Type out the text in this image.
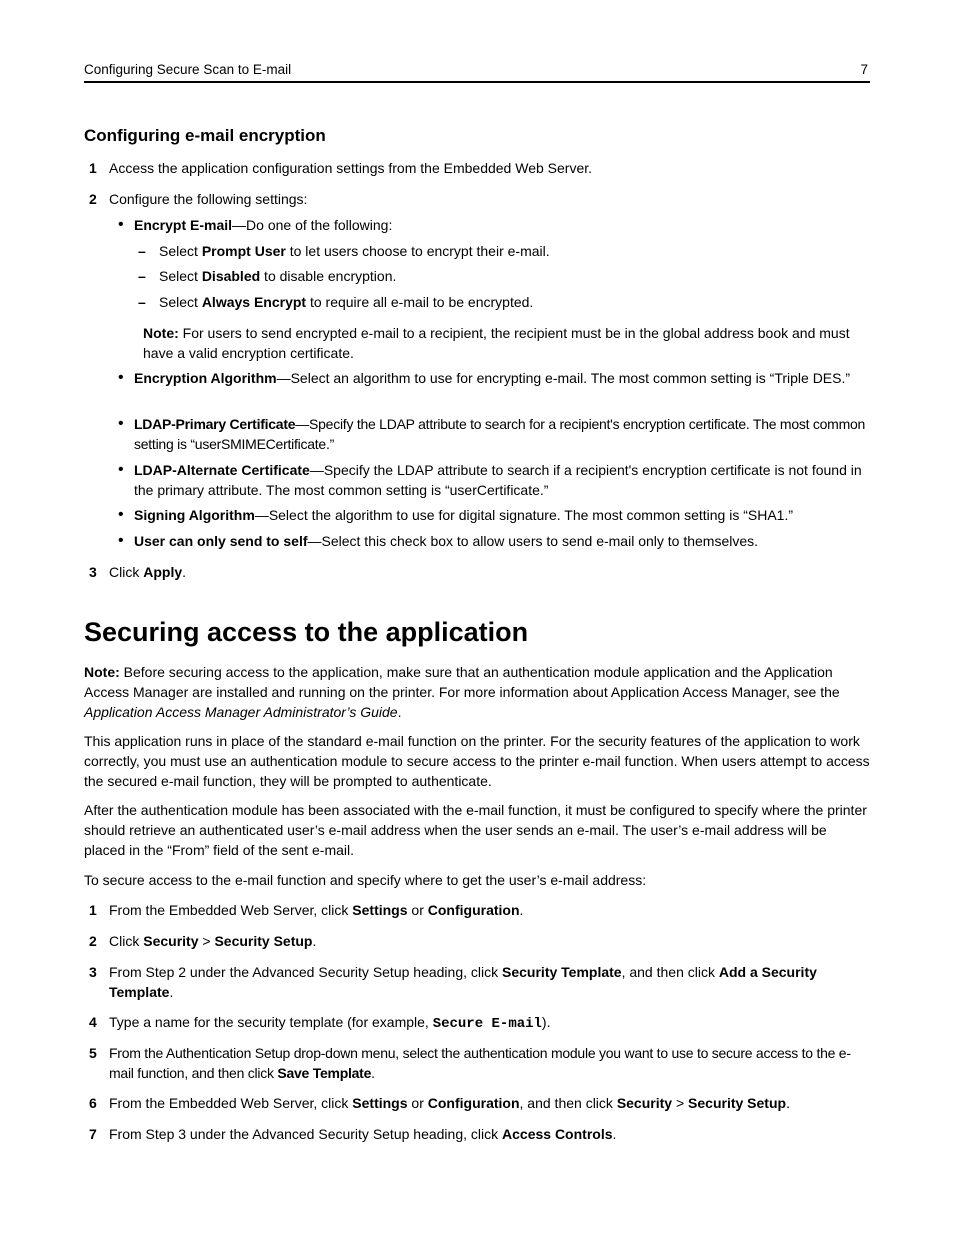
Configuring Secure Scan to E-mail	7
Configuring e-mail encryption
1 Access the application configuration settings from the Embedded Web Server.
2 Configure the following settings:
• Encrypt E-mail—Do one of the following:
– Select Prompt User to let users choose to encrypt their e-mail.
– Select Disabled to disable encryption.
– Select Always Encrypt to require all e-mail to be encrypted.

Note: For users to send encrypted e-mail to a recipient, the recipient must be in the global address book and must have a valid encryption certificate.

• Encryption Algorithm—Select an algorithm to use for encrypting e-mail. The most common setting is “Triple DES.”

• LDAP-Primary Certificate—Specify the LDAP attribute to search for a recipient's encryption certificate. The most common setting is “userSMIMECertificate.”

• LDAP-Alternate Certificate—Specify the LDAP attribute to search if a recipient's encryption certificate is not found in the primary attribute. The most common setting is “userCertificate.”

• Signing Algorithm—Select the algorithm to use for digital signature. The most common setting is “SHA1.”

• User can only send to self—Select this check box to allow users to send e-mail only to themselves.

3 Click Apply.
Securing access to the application

Note: Before securing access to the application, make sure that an authentication module application and the Application Access Manager are installed and running on the printer. For more information about Application Access Manager, see the Application Access Manager Administrator’s Guide.

This application runs in place of the standard e-mail function on the printer. For the security features of the application to work correctly, you must use an authentication module to secure access to the printer e-mail function. When users attempt to access the secured e-mail function, they will be prompted to authenticate.

After the authentication module has been associated with the e-mail function, it must be configured to specify where the printer should retrieve an authenticated user’s e-mail address when the user sends an e-mail. The user’s e-mail address will be placed in the “From” field of the sent e-mail.

To secure access to the e-mail function and specify where to get the user’s e-mail address:

1 From the Embedded Web Server, click Settings or Configuration.
2 Click Security > Security Setup.
3 From Step 2 under the Advanced Security Setup heading, click Security Template, and then click Add a Security Template.

4 Type a name for the security template (for example, Secure E-mail).
5 From the Authentication Setup drop-down menu, select the authentication module you want to use to secure access to the e-mail function, and then click Save Template.

6 From the Embedded Web Server, click Settings or Configuration, and then click Security > Security Setup.
7 From Step 3 under the Advanced Security Setup heading, click Access Controls.
